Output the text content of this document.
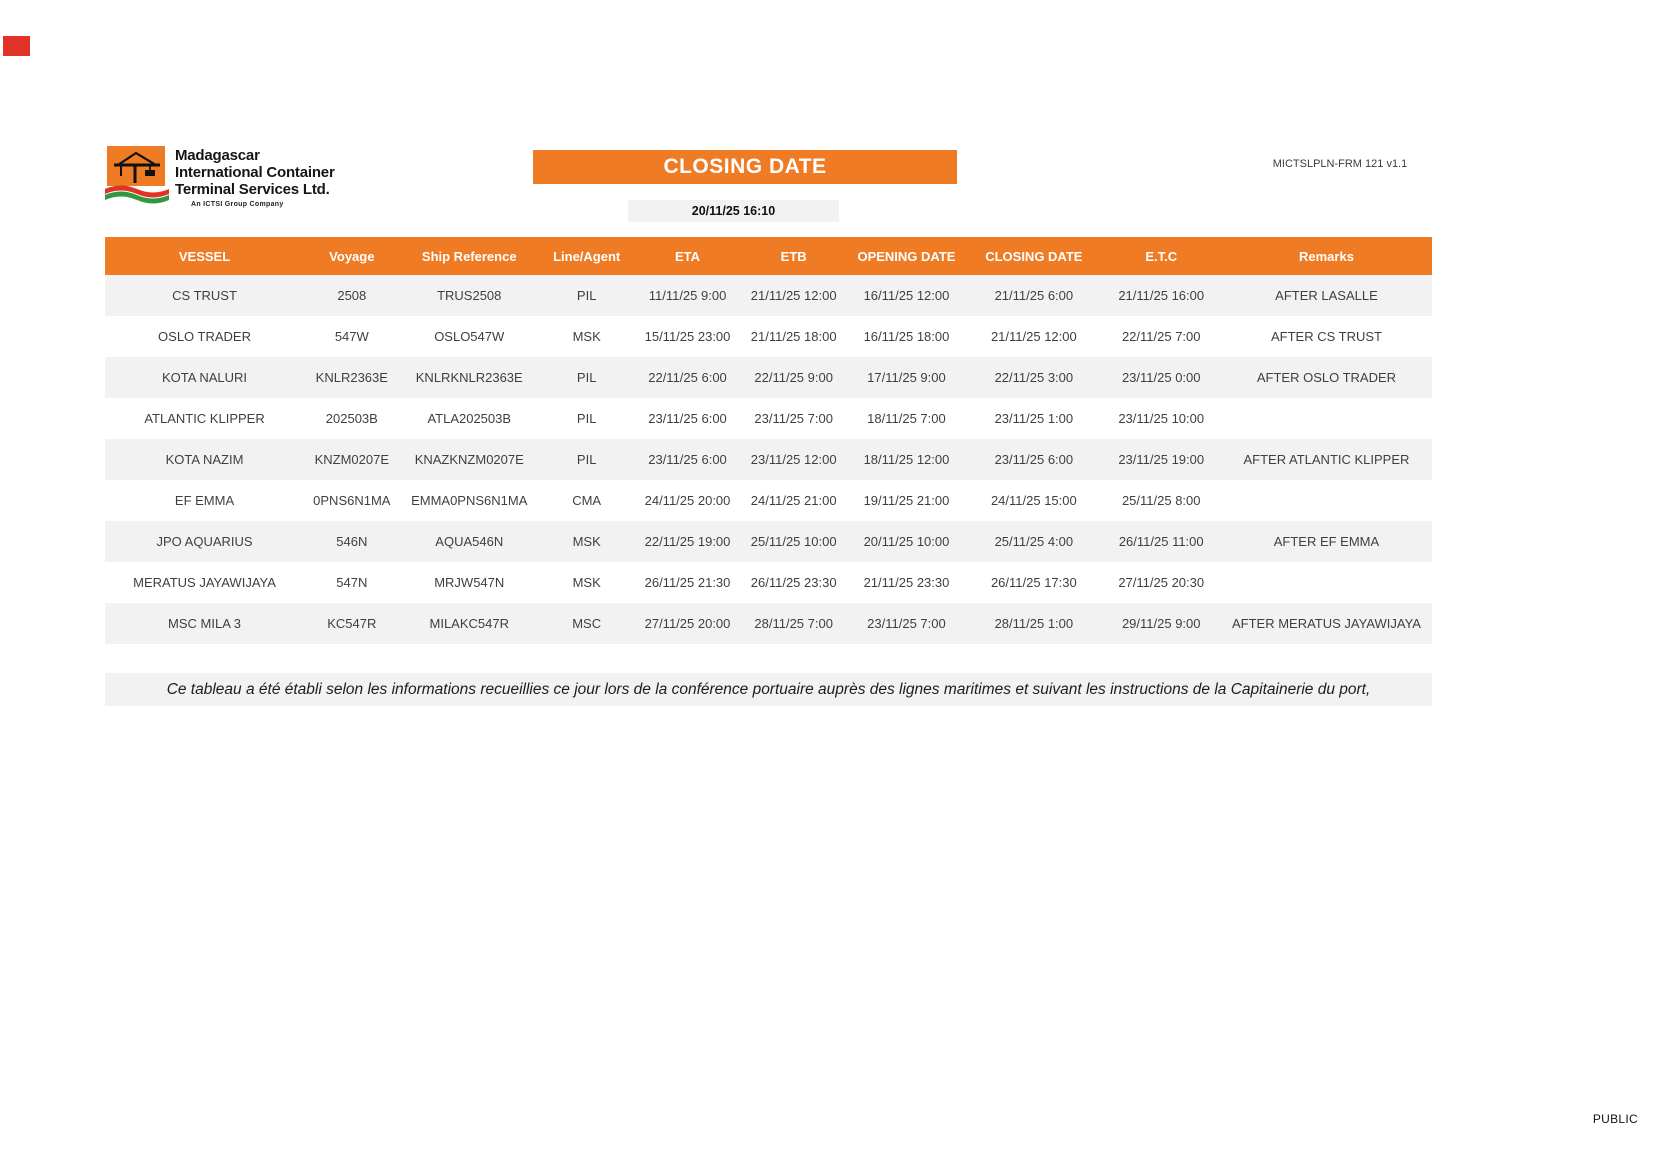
Madagascar
International Container
Terminal Services Ltd.
An ICTSI Group Company
CLOSING DATE	MICTSLPLN-FRM 121 v1.1
20/11/25 16:10
VESSEL	Voyage	Ship Reference	Line/Agent	ETA	ETB	OPENING DATE	CLOSING DATE	E.T.C	Remarks
CS TRUST	2508	TRUS2508	PIL	11/11/25 9:00	21/11/25 12:00	16/11/25 12:00	21/11/25 6:00	21/11/25 16:00	AFTER LASALLE
OSLO TRADER	547W	OSLO547W	MSK	15/11/25 23:00	21/11/25 18:00	16/11/25 18:00	21/11/25 12:00	22/11/25 7:00	AFTER CS TRUST
KOTA NALURI	KNLR2363E	KNLRKNLR2363E	PIL	22/11/25 6:00	22/11/25 9:00	17/11/25 9:00	22/11/25 3:00	23/11/25 0:00	AFTER OSLO TRADER
ATLANTIC KLIPPER	202503B	ATLA202503B	PIL	23/11/25 6:00	23/11/25 7:00	18/11/25 7:00	23/11/25 1:00	23/11/25 10:00	
KOTA NAZIM	KNZM0207E	KNAZKNZM0207E	PIL	23/11/25 6:00	23/11/25 12:00	18/11/25 12:00	23/11/25 6:00	23/11/25 19:00	AFTER ATLANTIC KLIPPER
EF EMMA	0PNS6N1MA	EMMA0PNS6N1MA	CMA	24/11/25 20:00	24/11/25 21:00	19/11/25 21:00	24/11/25 15:00	25/11/25 8:00	
JPO AQUARIUS	546N	AQUA546N	MSK	22/11/25 19:00	25/11/25 10:00	20/11/25 10:00	25/11/25 4:00	26/11/25 11:00	AFTER EF EMMA
MERATUS JAYAWIJAYA	547N	MRJW547N	MSK	26/11/25 21:30	26/11/25 23:30	21/11/25 23:30	26/11/25 17:30	27/11/25 20:30	
MSC MILA 3	KC547R	MILAKC547R	MSC	27/11/25 20:00	28/11/25 7:00	23/11/25 7:00	28/11/25 1:00	29/11/25 9:00	AFTER MERATUS JAYAWIJAYA
Ce tableau a été établi selon les informations recueillies ce jour lors de la conférence portuaire auprès des lignes maritimes et suivant les instructions de la Capitainerie du port,
PUBLIC
